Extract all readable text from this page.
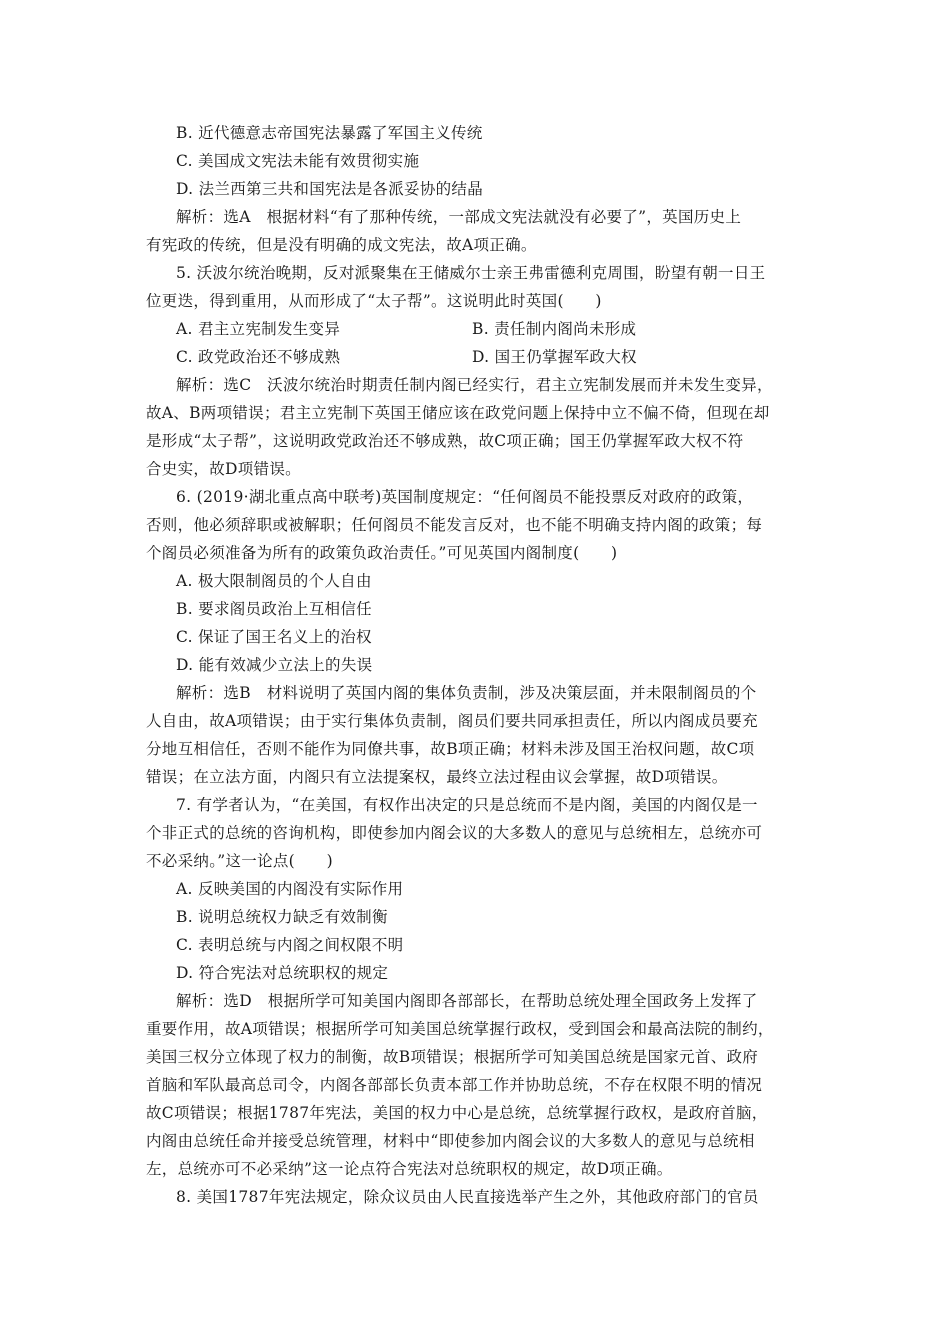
B. 近代德意志帝国宪法暴露了军国主义传统
C. 美国成文宪法未能有效贯彻实施
D. 法兰西第三共和国宪法是各派妥协的结晶
解析：选A　根据材料“有了那种传统，一部成文宪法就没有必要了”，英国历史上
有宪政的传统，但是没有明确的成文宪法，故A项正确。
5. 沃波尔统治晚期，反对派聚集在王储威尔士亲王弗雷德利克周围，盼望有朝一日王
位更迭，得到重用，从而形成了“太子帮”。这说明此时英国(　　)
A. 君主立宪制发生变异	B. 责任制内阁尚未形成
C. 政党政治还不够成熟	D. 国王仍掌握军政大权
解析：选C　沃波尔统治时期责任制内阁已经实行，君主立宪制发展而并未发生变异，
故A、B两项错误；君主立宪制下英国王储应该在政党问题上保持中立不偏不倚，但现在却
是形成“太子帮”，这说明政党政治还不够成熟，故C项正确；国王仍掌握军政大权不符
合史实，故D项错误。
6. (2019·湖北重点高中联考)英国制度规定：“任何阁员不能投票反对政府的政策，
否则，他必须辞职或被解职；任何阁员不能发言反对，也不能不明确支持内阁的政策；每
个阁员必须准备为所有的政策负政治责任。”可见英国内阁制度(　　)
A. 极大限制阁员的个人自由
B. 要求阁员政治上互相信任
C. 保证了国王名义上的治权
D. 能有效减少立法上的失误
解析：选B　材料说明了英国内阁的集体负责制，涉及决策层面，并未限制阁员的个
人自由，故A项错误；由于实行集体负责制，阁员们要共同承担责任，所以内阁成员要充
分地互相信任，否则不能作为同僚共事，故B项正确；材料未涉及国王治权问题，故C项
错误；在立法方面，内阁只有立法提案权，最终立法过程由议会掌握，故D项错误。
7. 有学者认为，“在美国，有权作出决定的只是总统而不是内阁，美国的内阁仅是一
个非正式的总统的咨询机构，即使参加内阁会议的大多数人的意见与总统相左，总统亦可
不必采纳。”这一论点(　　)
A. 反映美国的内阁没有实际作用
B. 说明总统权力缺乏有效制衡
C. 表明总统与内阁之间权限不明
D. 符合宪法对总统职权的规定
解析：选D　根据所学可知美国内阁即各部部长，在帮助总统处理全国政务上发挥了
重要作用，故A项错误；根据所学可知美国总统掌握行政权，受到国会和最高法院的制约，
美国三权分立体现了权力的制衡，故B项错误；根据所学可知美国总统是国家元首、政府
首脑和军队最高总司令，内阁各部部长负责本部工作并协助总统，不存在权限不明的情况
故C项错误；根据1787年宪法，美国的权力中心是总统，总统掌握行政权，是政府首脑，
内阁由总统任命并接受总统管理，材料中“即使参加内阁会议的大多数人的意见与总统相
左，总统亦可不必采纳”这一论点符合宪法对总统职权的规定，故D项正确。
8. 美国1787年宪法规定，除众议员由人民直接选举产生之外，其他政府部门的官员
